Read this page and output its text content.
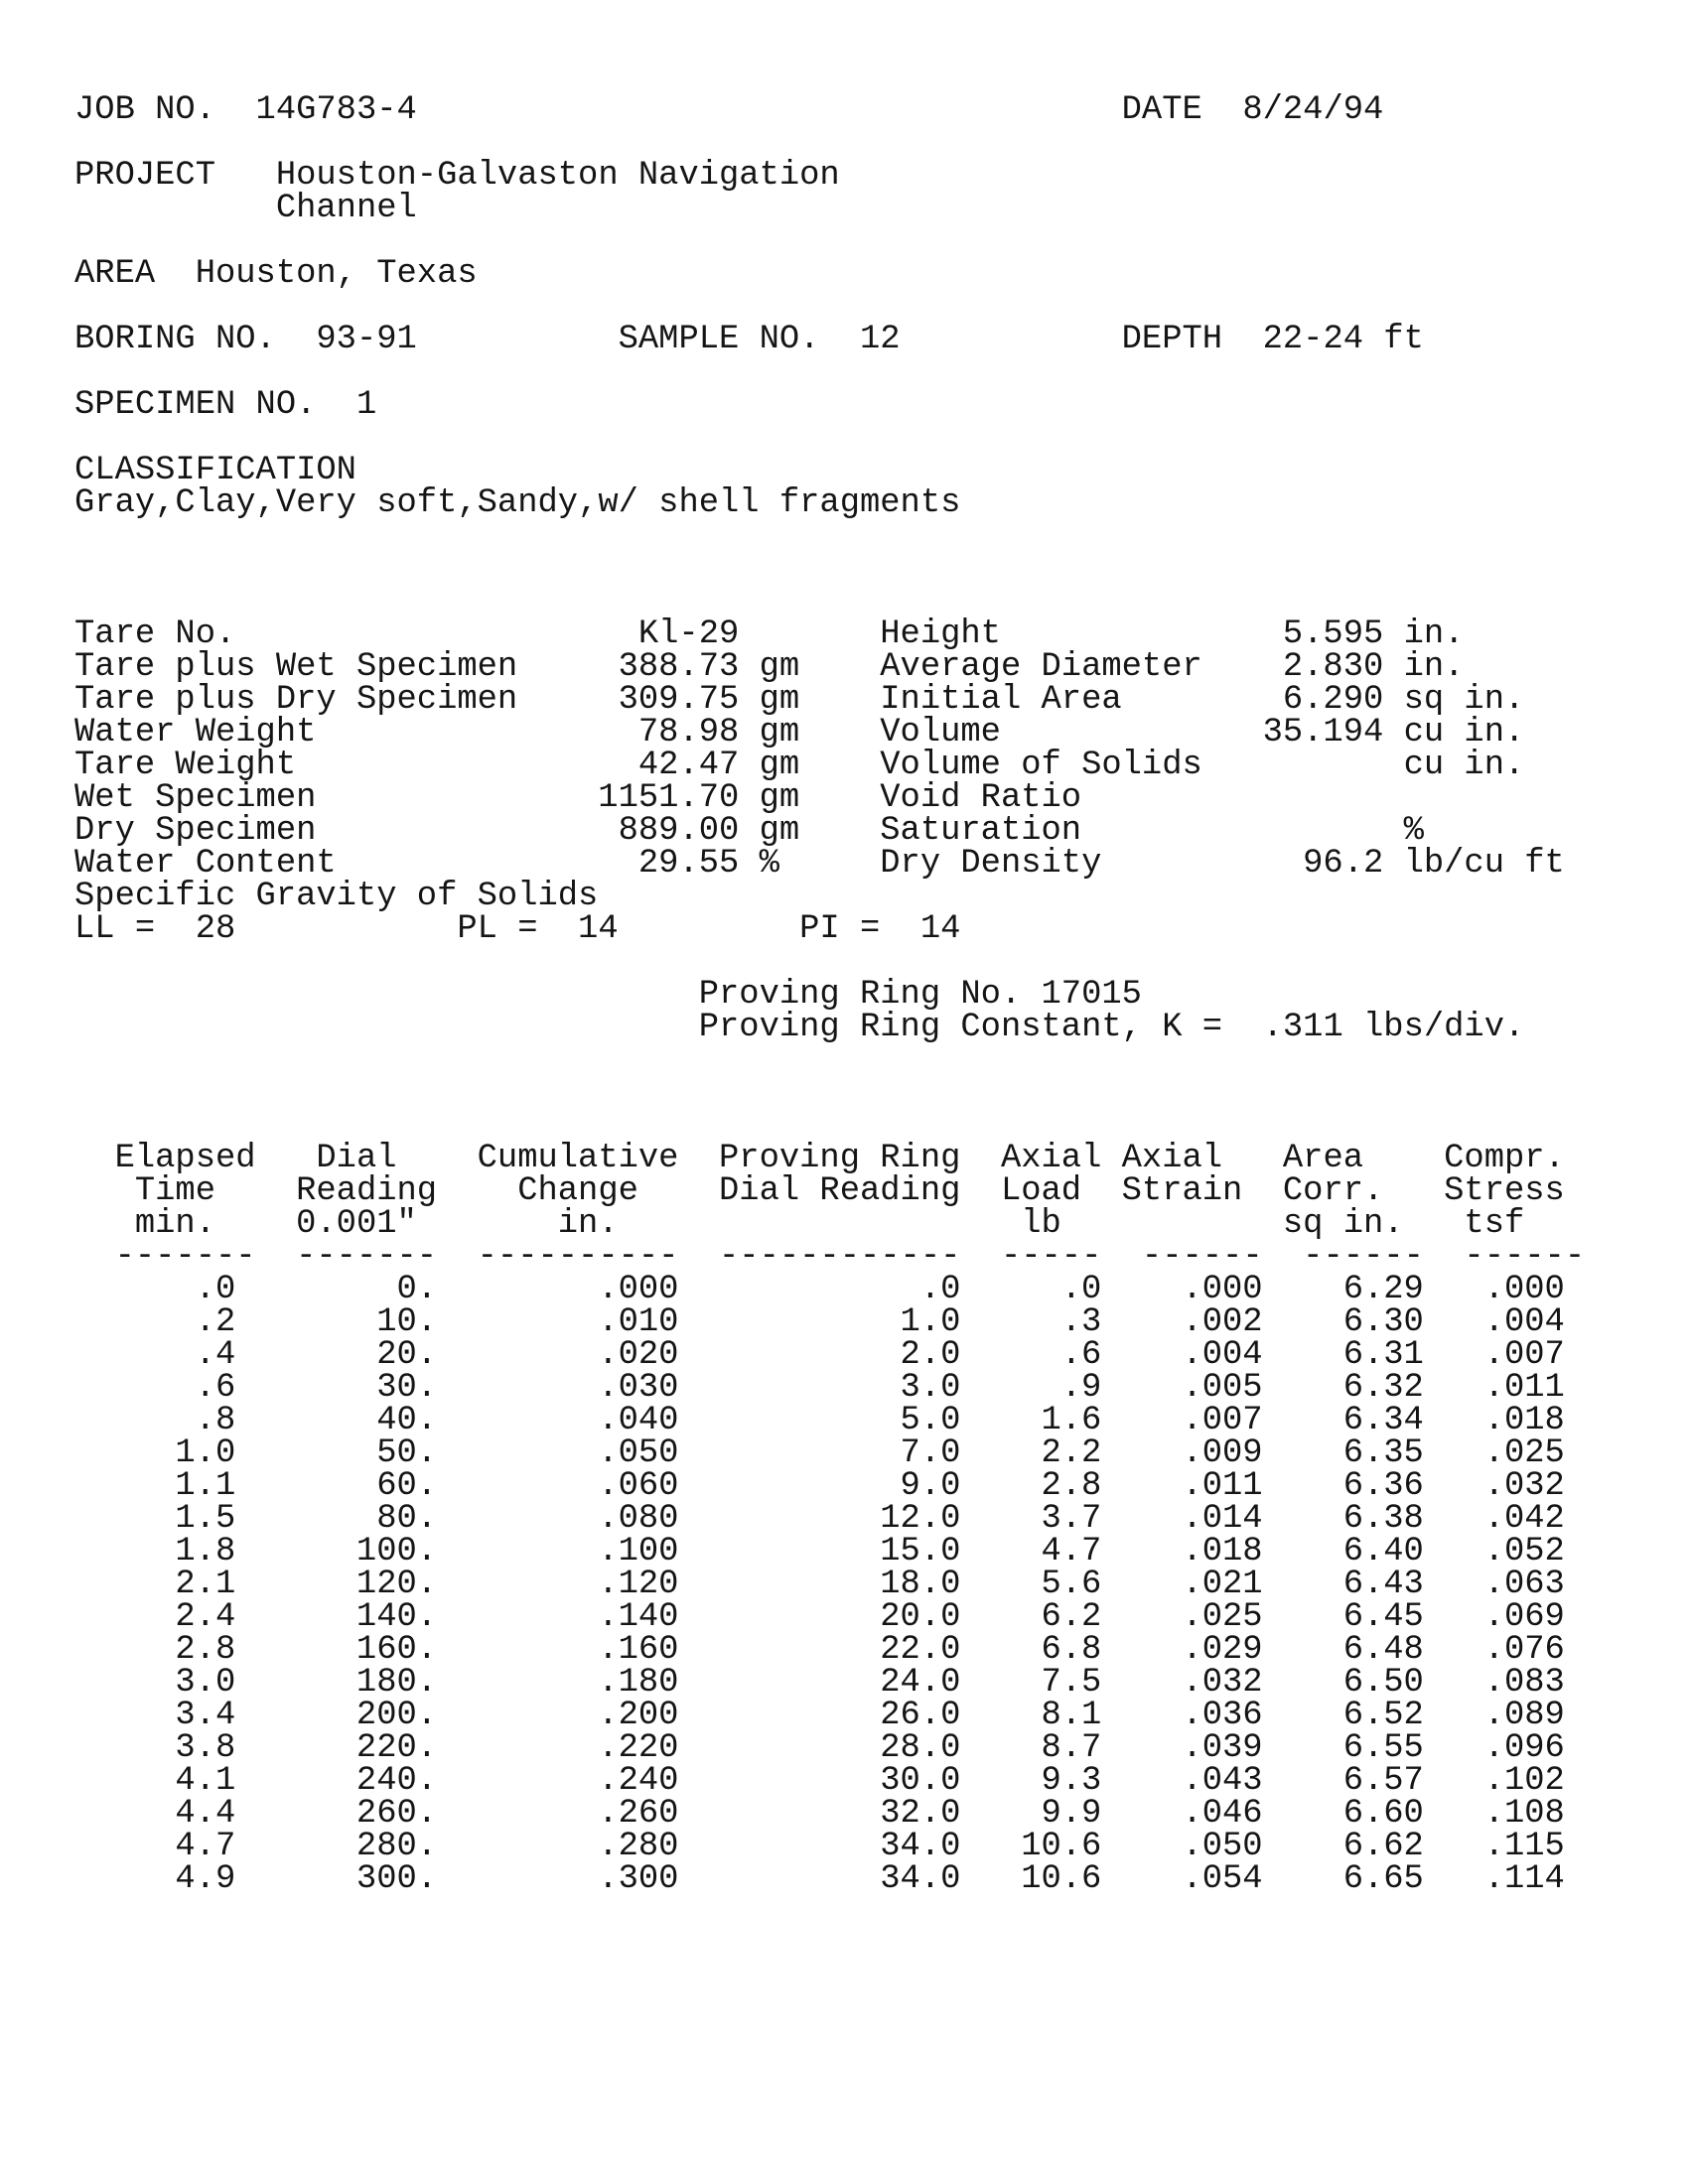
JOB NO. 14G783-4	DATE 8/24/94
PROJECT Houston-Galvaston Navigation
Channel
AREA Houston, Texas
BORING NO. 93-91	SAMPLE NO. 12	DEPTH 22-24 ft
SPECIMEN NO. 1
CLASSIFICATION
Gray,Clay,Very soft,Sandy,w/ shell fragments
Tare No.	Kl-29	Height	5.595 in.
Tare plus Wet Specimen	388.73 gm Average Diameter 2.830 in.
Tare plus Dry Specimen	309.75 gm Initial Area	6.290 sq in.
Water Weight	78.98 gm Volume	35.194 cu in.
Tare Weight	42.47 gm Volume of Solids	cu in.
Wet Specimen	1151.70 gm Void Ratio
Dry Specimen	889.00 gm Saturation	%
Water Content	29.55 %	Dry Density	96.2 lb/cu ft
Specific Gravity of Solids
LL = 28	PL = 14	PI = 14
Proving Ring No. 17015
Proving Ring Constant, K = .311 lbs/div.
Elapsed Dial Cumulative Proving Ring Axial Axial Area Compr.
Time Reading Change Dial Reading Load Strain Corr. Stress
min. 0.001"	in.	lb	sq in. tsf
-------  -------  ----------  ------------  -----  ------  ------  ------
.0	0.	.000	.0	.0 .000 6.29 .000
.2	10.	.010	1.0	.3 .002 6.30 .004
.4	20.	.020	2.0	.6 .004 6.31 .007
.6	30.	.030	3.0	.9 .005 6.32 .011
.8	40.	.040	5.0 1.6 .007 6.34 .018
1.0	50.	.050	7.0 2.2 .009 6.35 .025
1.1	60.	.060	9.0 2.8 .011 6.36 .032
1.5	80.	.080	12.0 3.7 .014 6.38 .042
1.8	100.	.100	15.0 4.7 .018 6.40 .052
2.1	120.	.120	18.0 5.6 .021 6.43 .063
2.4	140.	.140	20.0 6.2 .025 6.45 .069
2.8	160.	.160	22.0 6.8 .029 6.48 .076
3.0	180.	.180	24.0 7.5 .032 6.50 .083
3.4	200.	.200	26.0 8.1 .036 6.52 .089
3.8	220.	.220	28.0 8.7 .039 6.55 .096
4.1	240.	.240	30.0 9.3 .043 6.57 .102
4.4	260.	.260	32.0 9.9 .046 6.60 .108
4.7	280.	.280	34.0 10.6 .050 6.62 .115
4.9	300.	.300	34.0 10.6 .054 6.65 .114
